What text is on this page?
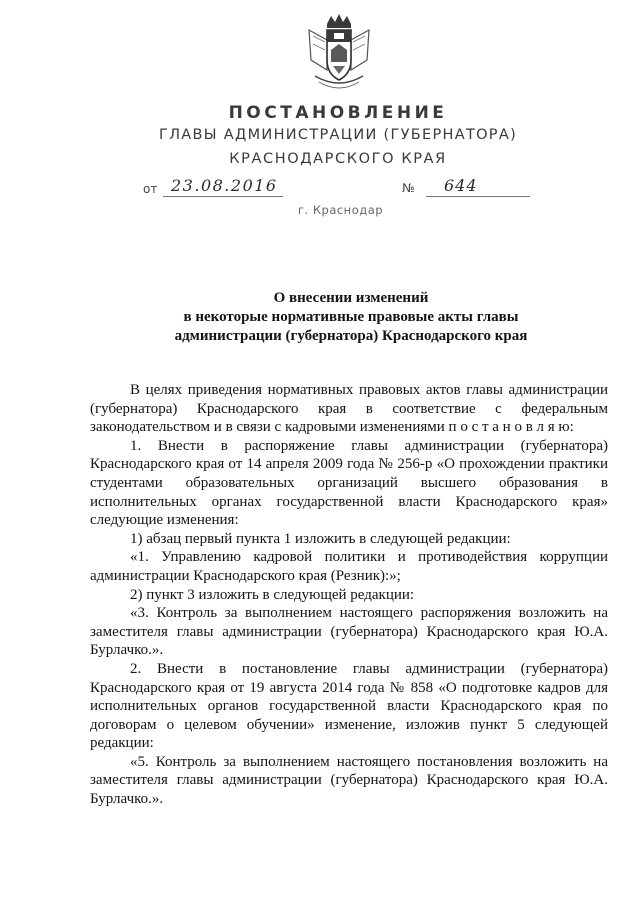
ПОСТАНОВЛЕНИЕ
ГЛАВЫ АДМИНИСТРАЦИИ (ГУБЕРНАТОРА)
КРАСНОДАРСКОГО КРАЯ
от 23.08.2016	№	644
г. Краснодар
О внесении изменений
в некоторые нормативные правовые акты главы
администрации (губернатора) Краснодарского края

В целях приведения нормативных правовых актов главы администрации (губернатора) Краснодарского края в соответствие с федеральным законодательством и в связи с кадровыми изменениями п о с т а н о в л я ю:

1. Внести в распоряжение главы администрации (губернатора) Краснодарского края от 14 апреля 2009 года № 256-р «О прохождении практики студентами образовательных организаций высшего образования в исполнительных органах государственной власти Краснодарского края» следующие изменения:

1) абзац первый пункта 1 изложить в следующей редакции:

«1. Управлению кадровой политики и противодействия коррупции администрации Краснодарского края (Резник):»;

2) пункт 3 изложить в следующей редакции:

«3. Контроль за выполнением настоящего распоряжения возложить на заместителя главы администрации (губернатора) Краснодарского края Ю.А. Бурлачко.».

2. Внести в постановление главы администрации (губернатора) Краснодарского края от 19 августа 2014 года № 858 «О подготовке кадров для исполнительных органов государственной власти Краснодарского края по договорам о целевом обучении» изменение, изложив пункт 5 следующей редакции:

«5. Контроль за выполнением настоящего постановления возложить на заместителя главы администрации (губернатора) Краснодарского края Ю.А. Бурлачко.».
